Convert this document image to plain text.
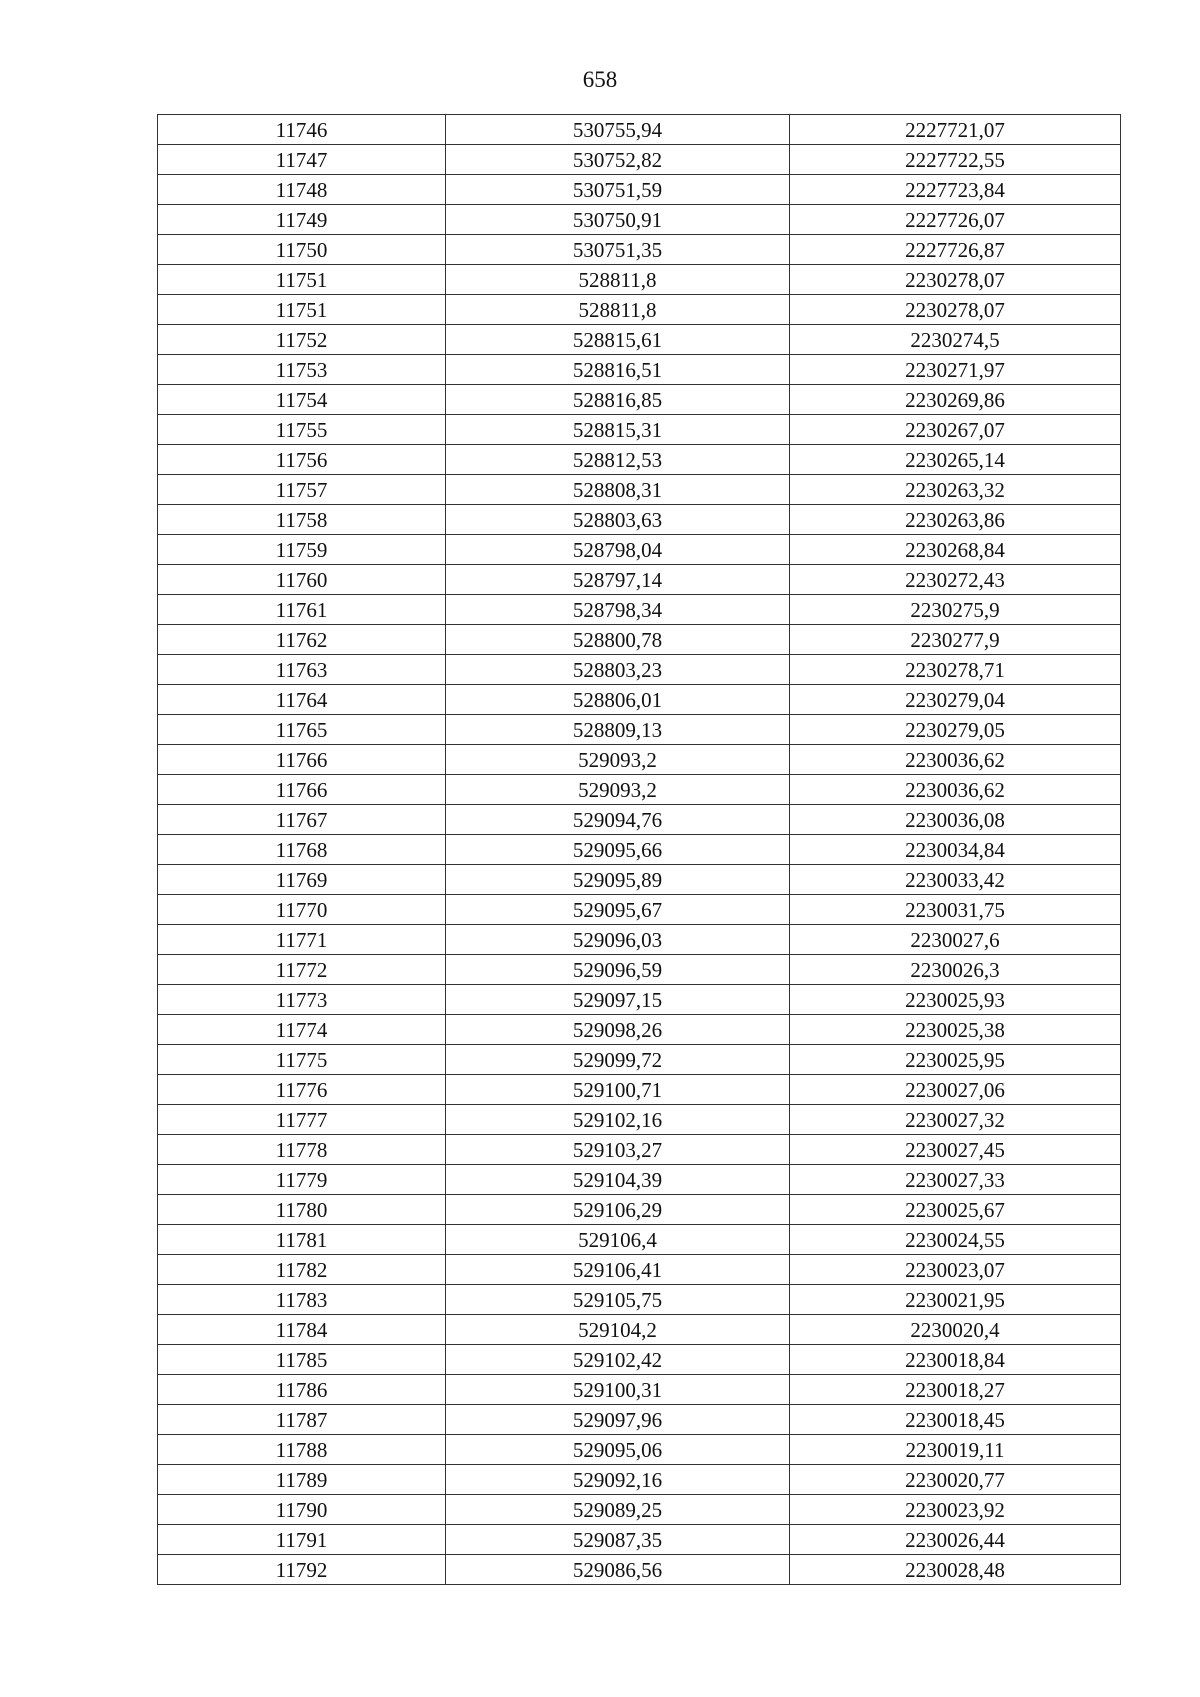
658
11746	530755,94	2227721,07
11747	530752,82	2227722,55
11748	530751,59	2227723,84
11749	530750,91	2227726,07
11750	530751,35	2227726,87
11751	528811,8	2230278,07
11751	528811,8	2230278,07
11752	528815,61	2230274,5
11753	528816,51	2230271,97
11754	528816,85	2230269,86
11755	528815,31	2230267,07
11756	528812,53	2230265,14
11757	528808,31	2230263,32
11758	528803,63	2230263,86
11759	528798,04	2230268,84
11760	528797,14	2230272,43
11761	528798,34	2230275,9
11762	528800,78	2230277,9
11763	528803,23	2230278,71
11764	528806,01	2230279,04
11765	528809,13	2230279,05
11766	529093,2	2230036,62
11766	529093,2	2230036,62
11767	529094,76	2230036,08
11768	529095,66	2230034,84
11769	529095,89	2230033,42
11770	529095,67	2230031,75
11771	529096,03	2230027,6
11772	529096,59	2230026,3
11773	529097,15	2230025,93
11774	529098,26	2230025,38
11775	529099,72	2230025,95
11776	529100,71	2230027,06
11777	529102,16	2230027,32
11778	529103,27	2230027,45
11779	529104,39	2230027,33
11780	529106,29	2230025,67
11781	529106,4	2230024,55
11782	529106,41	2230023,07
11783	529105,75	2230021,95
11784	529104,2	2230020,4
11785	529102,42	2230018,84
11786	529100,31	2230018,27
11787	529097,96	2230018,45
11788	529095,06	2230019,11
11789	529092,16	2230020,77
11790	529089,25	2230023,92
11791	529087,35	2230026,44
11792	529086,56	2230028,48
